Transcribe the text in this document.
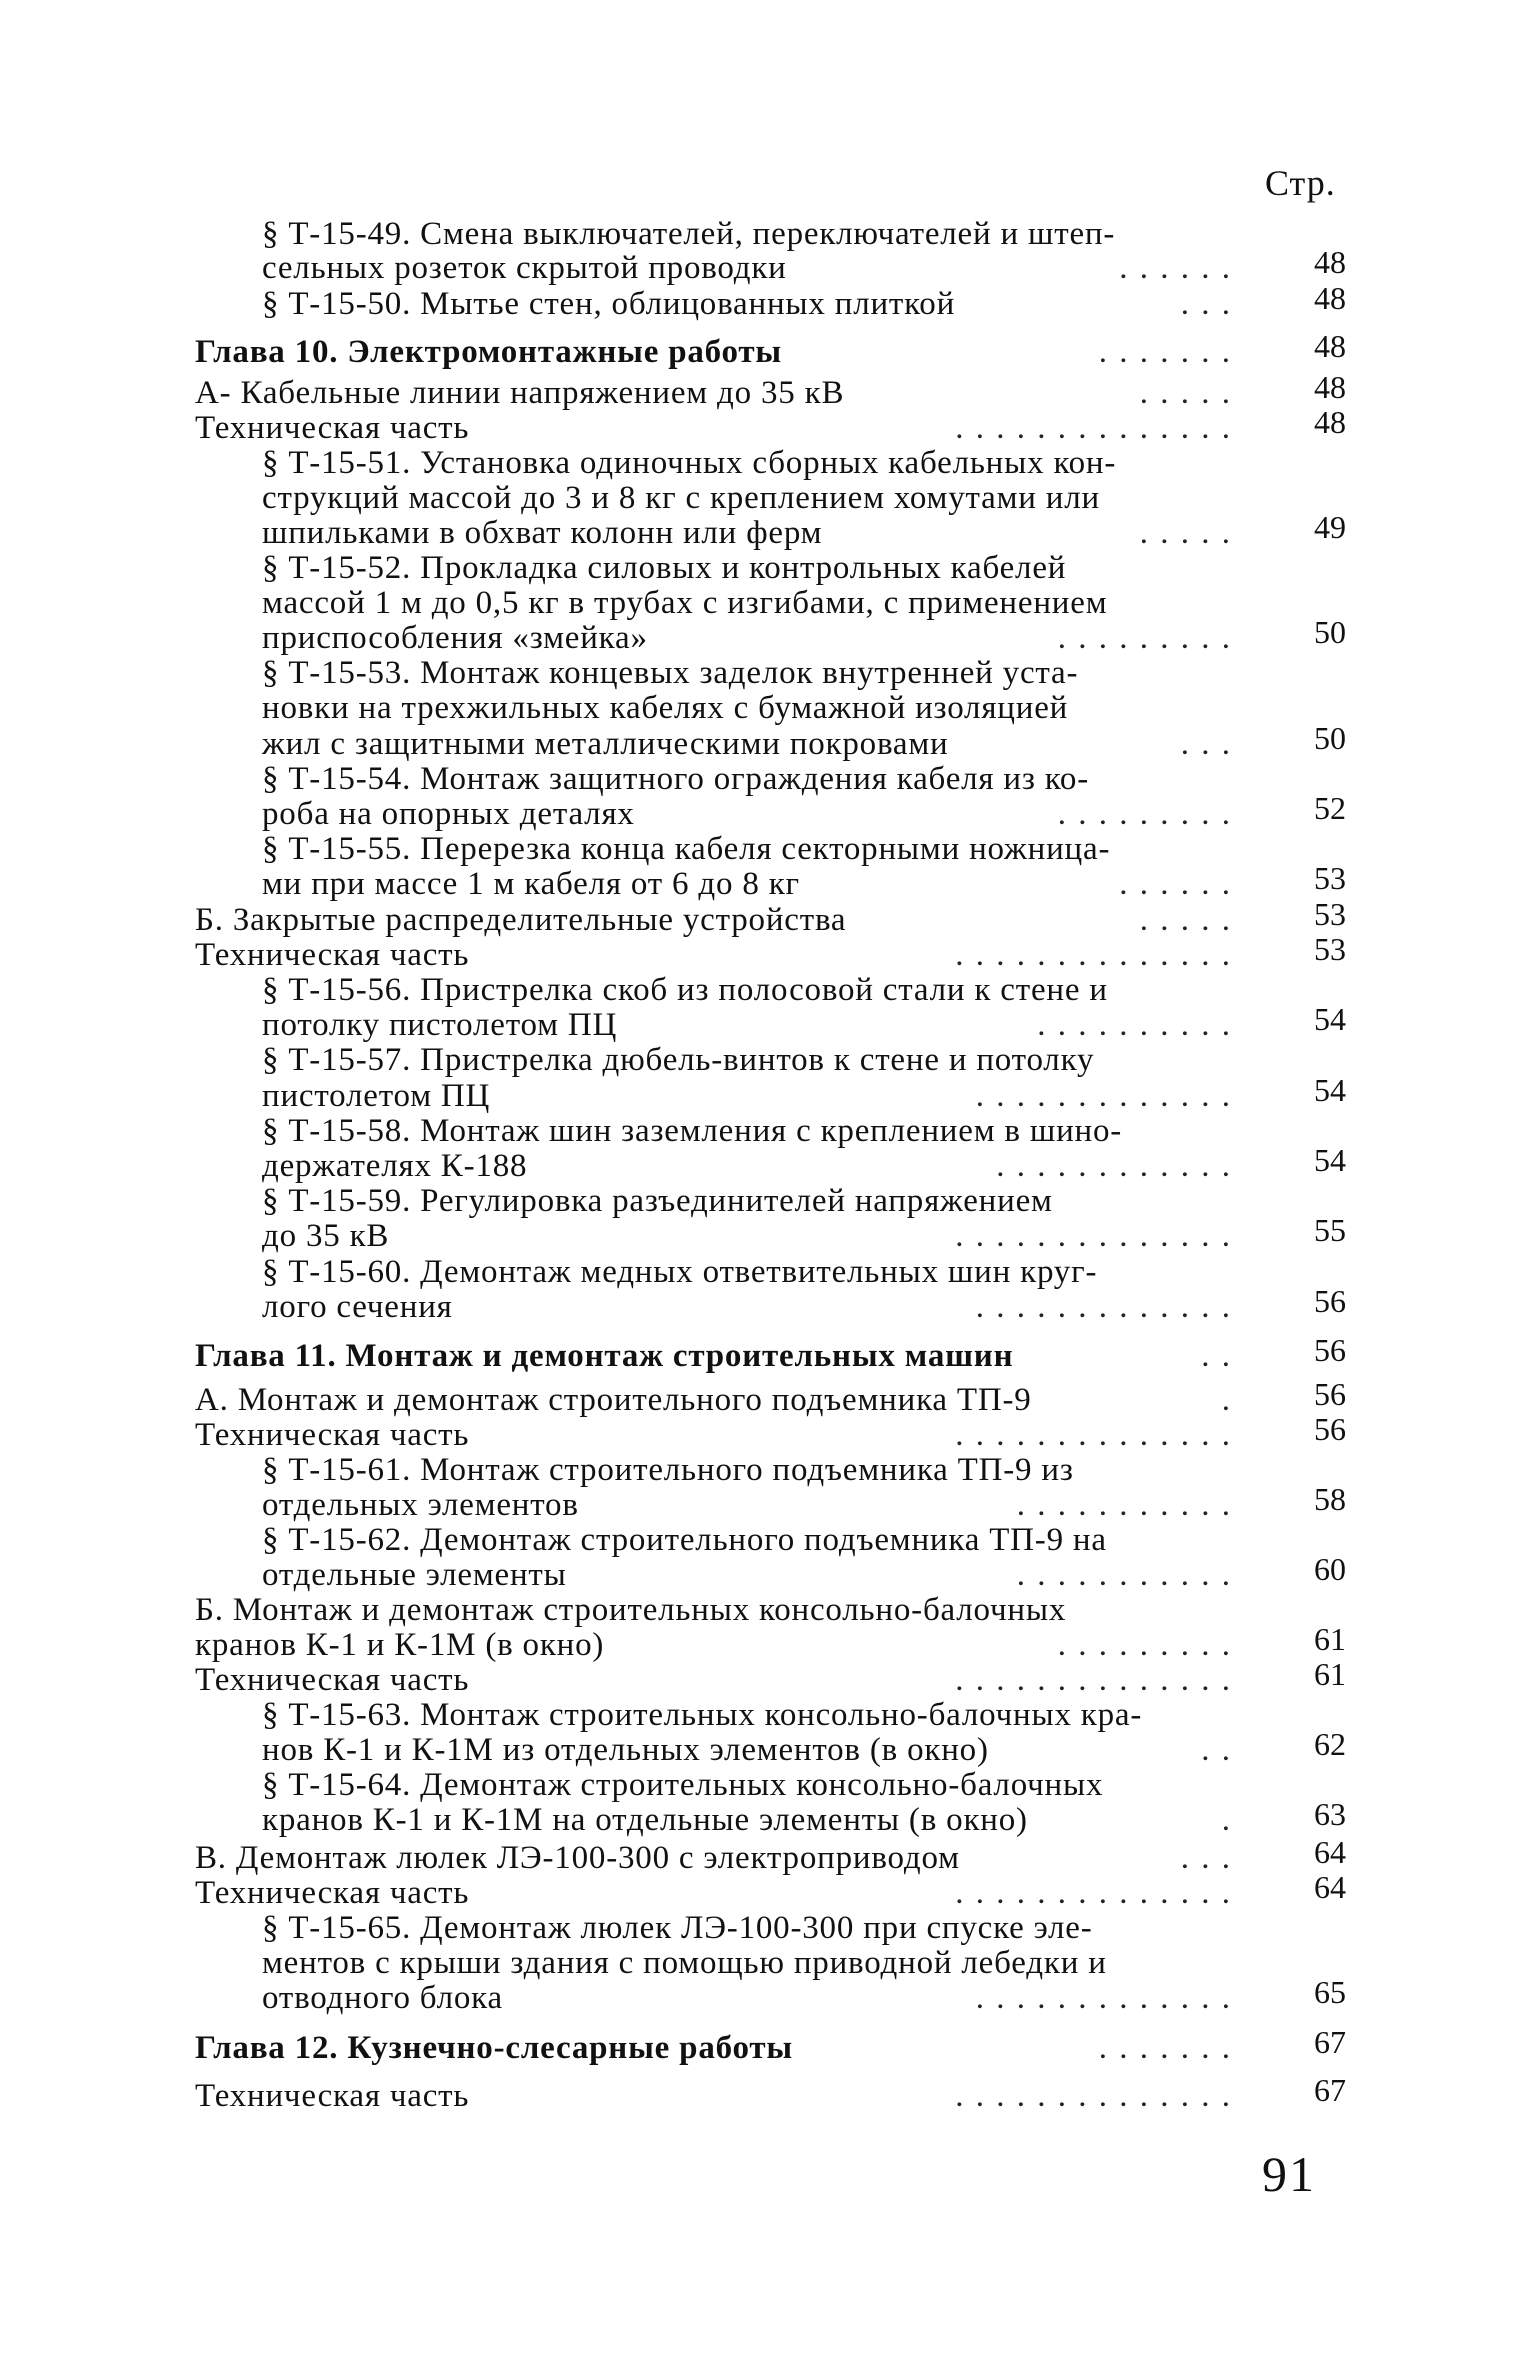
Стр.
§ Т-15-49. Смена выключателей, переключателей и штеп-
сельных розеток скрытой проводки	. . . . . .	48
§ Т-15-50. Мытье стен, облицованных плиткой	. . .	48
Глава 10. Электромонтажные работы	. . . . . . .	48
А- Кабельные линии напряжением до 35 кВ	. . . . .	48
Техническая часть	. . . . . . . . . . . . . .	48
§ Т-15-51. Установка одиночных сборных кабельных кон-
струкций массой до 3 и 8 кг с креплением хомутами или
шпильками в обхват колонн или ферм	. . . . .	49
§ Т-15-52. Прокладка силовых и контрольных кабелей
массой 1 м до 0,5 кг в трубах с изгибами, с применением
приспособления «змейка»	. . . . . . . . .	50
§ Т-15-53. Монтаж концевых заделок внутренней уста-
новки на трехжильных кабелях с бумажной изоляцией
жил с защитными металлическими покровами	. . .	50
§ Т-15-54. Монтаж защитного ограждения кабеля из ко-
роба на опорных деталях	. . . . . . . . .	52
§ Т-15-55. Перерезка конца кабеля секторными ножница-
ми при массе 1 м кабеля от 6 до 8 кг	. . . . . .	53
Б. Закрытые распределительные устройства	. . . . .	53
Техническая часть	. . . . . . . . . . . . . .	53
§ Т-15-56. Пристрелка скоб из полосовой стали к стене и
потолку пистолетом ПЦ	. . . . . . . . . .	54
§ Т-15-57. Пристрелка дюбель-винтов к стене и потолку
пистолетом ПЦ	. . . . . . . . . . . . .	54
§ Т-15-58. Монтаж шин заземления с креплением в шино-
держателях К-188	. . . . . . . . . . . .	54
§ Т-15-59. Регулировка разъединителей напряжением
до 35 кВ	. . . . . . . . . . . . . .	55
§ Т-15-60. Демонтаж медных ответвительных шин круг-
лого сечения	. . . . . . . . . . . . .	56
Глава 11. Монтаж и демонтаж строительных машин	. .	56
А. Монтаж и демонтаж строительного подъемника ТП-9	.	56
Техническая часть	. . . . . . . . . . . . . .	56
§ Т-15-61. Монтаж строительного подъемника ТП-9 из
отдельных элементов	. . . . . . . . . . .	58
§ Т-15-62. Демонтаж строительного подъемника ТП-9 на
отдельные элементы	. . . . . . . . . . .	60
Б. Монтаж и демонтаж строительных консольно-балочных
кранов К-1 и К-1М (в окно)	. . . . . . . . .	61
Техническая часть	. . . . . . . . . . . . . .	61
§ Т-15-63. Монтаж строительных консольно-балочных кра-
нов К-1 и К-1М из отдельных элементов (в окно)	. .	62
§ Т-15-64. Демонтаж строительных консольно-балочных
кранов К-1 и К-1М на отдельные элементы (в окно)	.	63
В. Демонтаж люлек ЛЭ-100-300 с электроприводом	. . .	64
Техническая часть	. . . . . . . . . . . . . .	64
§ Т-15-65. Демонтаж люлек ЛЭ-100-300 при спуске эле-
ментов с крыши здания с помощью приводной лебедки и
отводного блока	. . . . . . . . . . . . .	65
Глава 12. Кузнечно-слесарные работы	. . . . . . .	67
Техническая часть	. . . . . . . . . . . . . .	67
91
